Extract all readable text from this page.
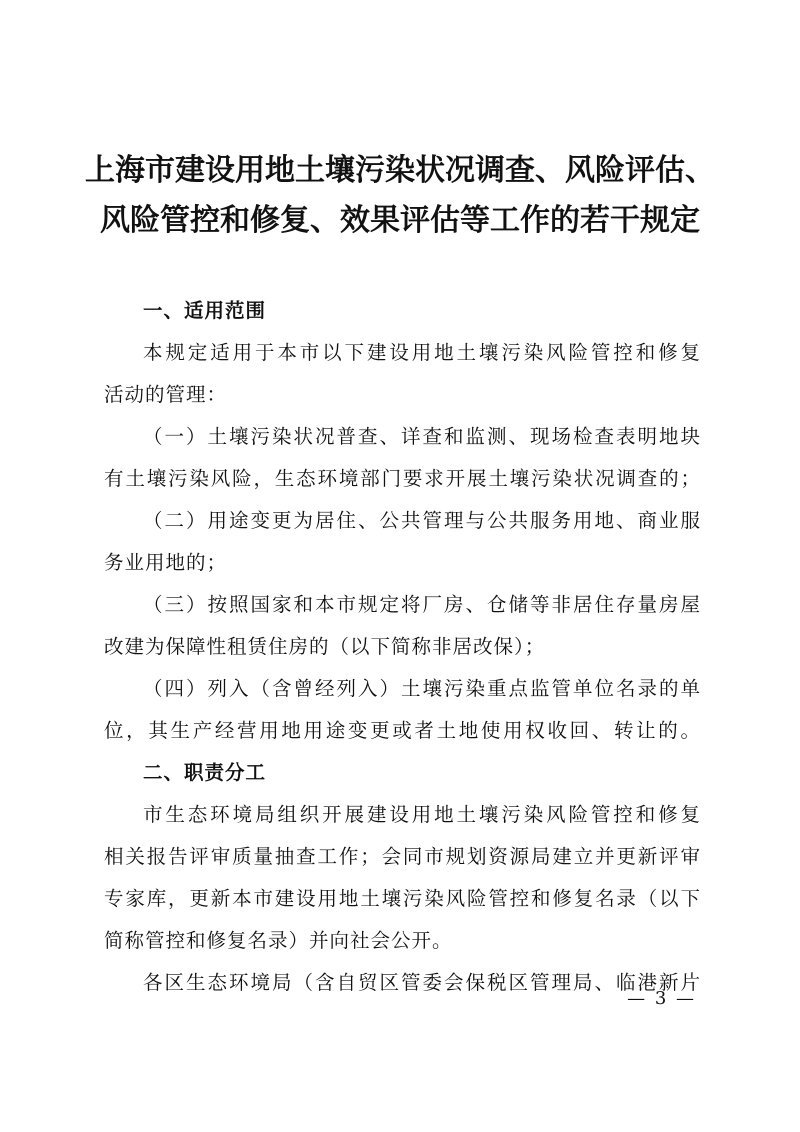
上海市建设用地土壤污染状况调查、风险评估、
风险管控和修复、效果评估等工作的若干规定
一、适用范围
本规定适用于本市以下建设用地土壤污染风险管控和修复
活动的管理：
（一）土壤污染状况普查、详查和监测、现场检查表明地块
有土壤污染风险，生态环境部门要求开展土壤污染状况调查的；
（二）用途变更为居住、公共管理与公共服务用地、商业服
务业用地的；
（三）按照国家和本市规定将厂房、仓储等非居住存量房屋
改建为保障性租赁住房的（以下简称非居改保）；
（四）列入（含曾经列入）土壤污染重点监管单位名录的单
位，其生产经营用地用途变更或者土地使用权收回、转让的。
二、职责分工
市生态环境局组织开展建设用地土壤污染风险管控和修复
相关报告评审质量抽查工作；会同市规划资源局建立并更新评审
专家库，更新本市建设用地土壤污染风险管控和修复名录（以下
简称管控和修复名录）并向社会公开。
各区生态环境局（含自贸区管委会保税区管理局、临港新片
— 3 —
